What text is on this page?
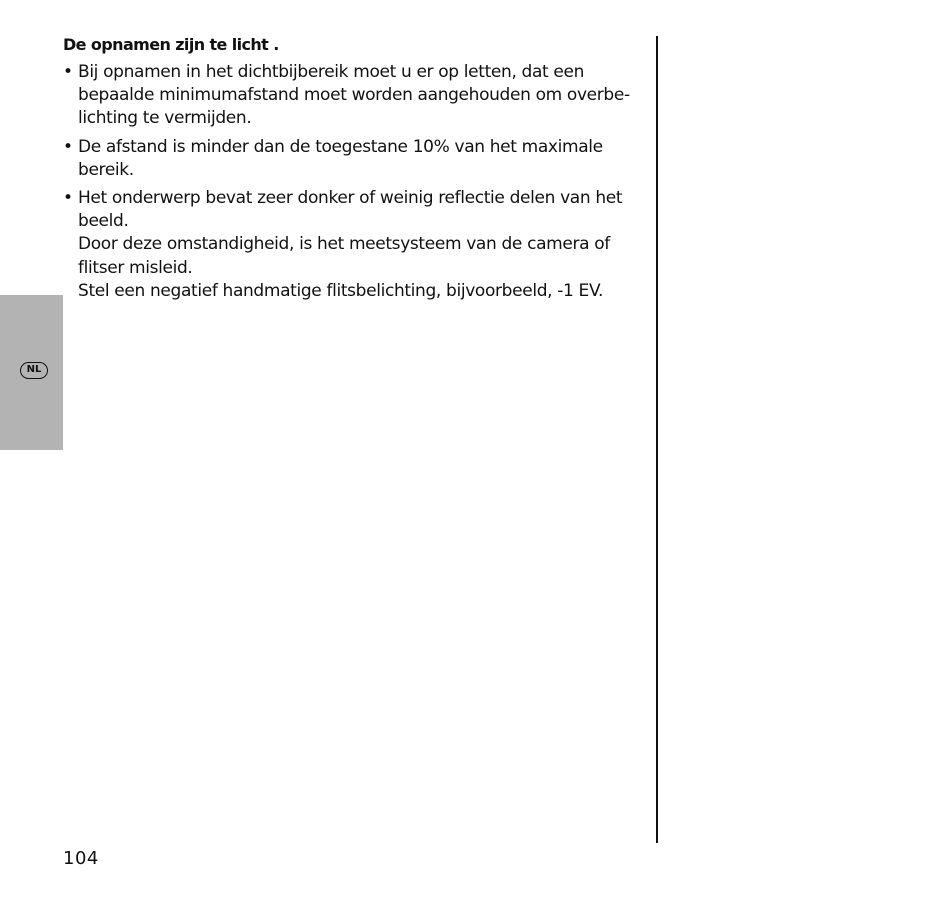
NL
De opnamen zijn te licht .
• Bij opnamen in het dichtbijbereik moet u er op letten, dat een
bepaalde minimumafstand moet worden aangehouden om overbe-
lichting te vermijden.
• De afstand is minder dan de toegestane 10% van het maximale
bereik.
• Het onderwerp bevat zeer donker of weinig reflectie delen van het
beeld.
Door deze omstandigheid, is het meetsysteem van de camera of
flitser misleid.
Stel een negatief handmatige flitsbelichting, bijvoorbeeld, -1 EV.
104
